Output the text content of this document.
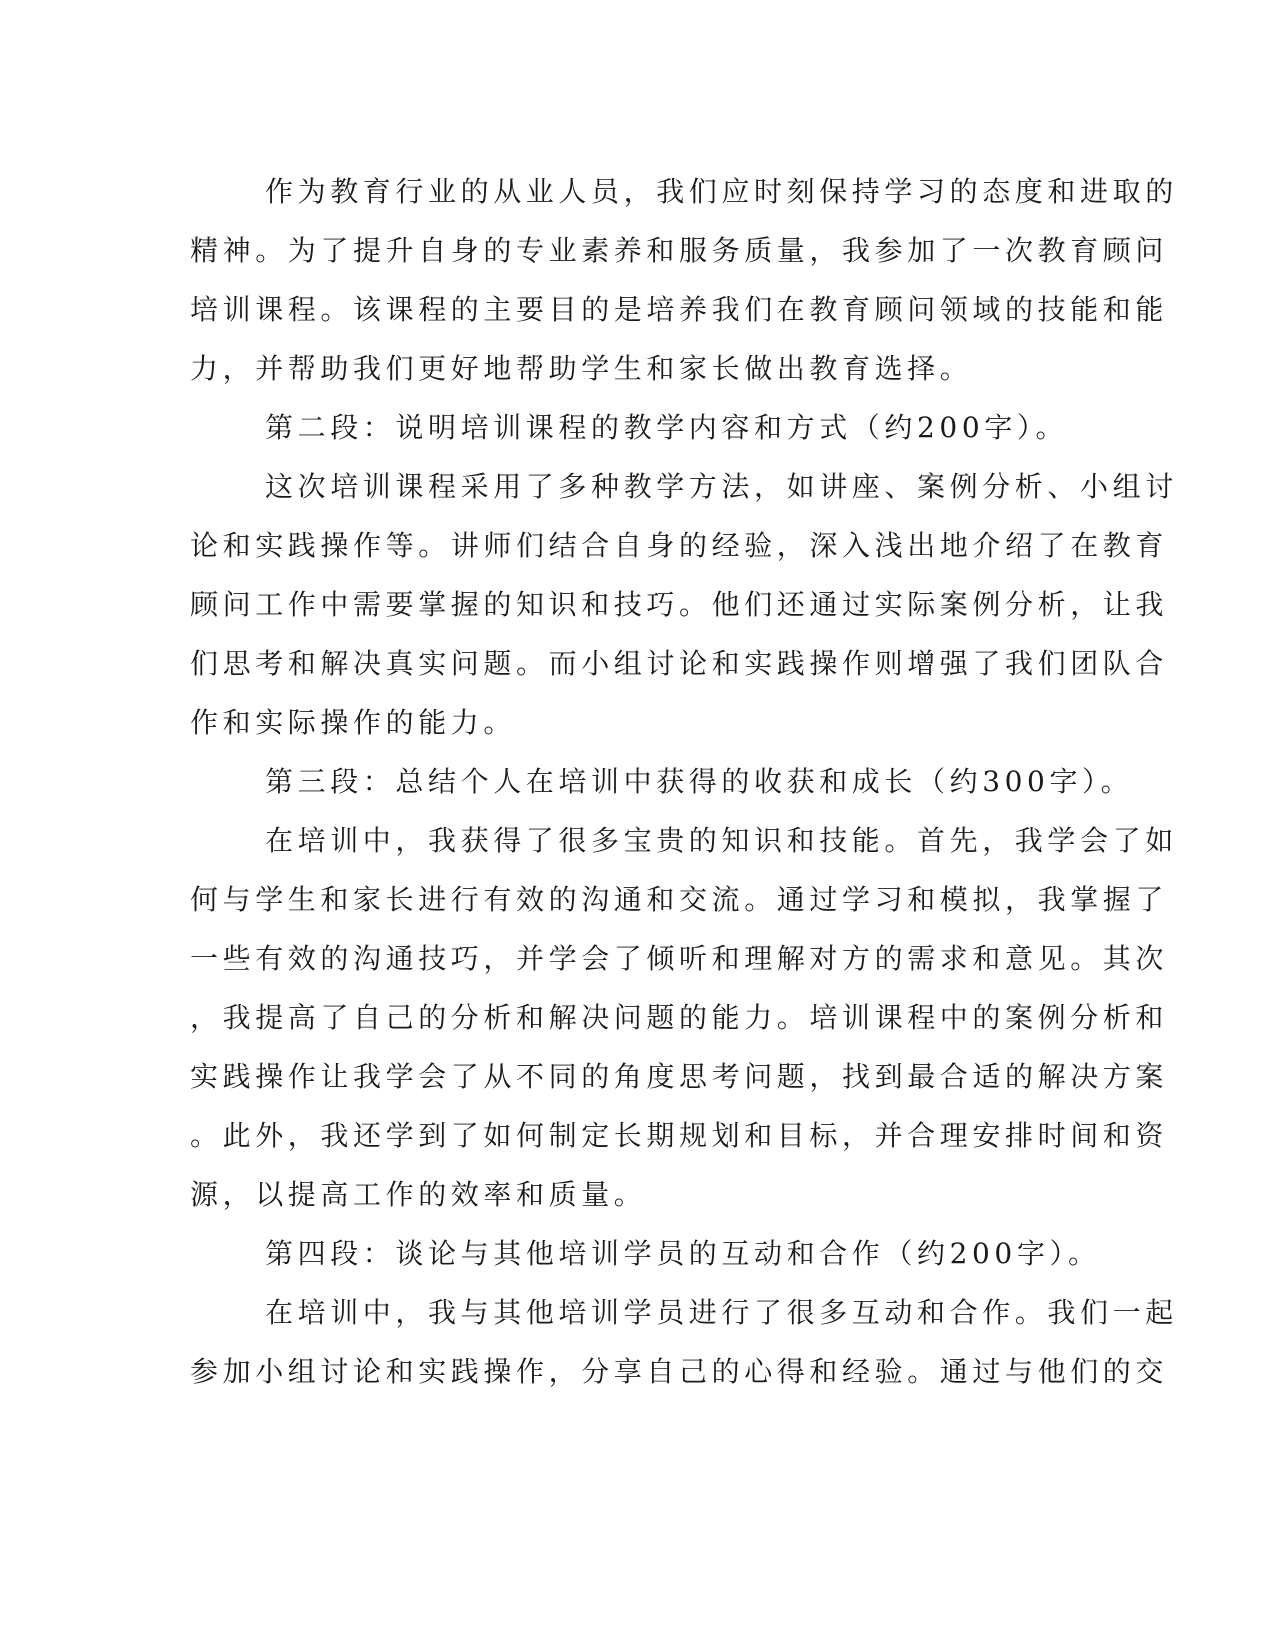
作为教育行业的从业人员，我们应时刻保持学习的态度和进取的
精神。为了提升自身的专业素养和服务质量，我参加了一次教育顾问
培训课程。该课程的主要目的是培养我们在教育顾问领域的技能和能
力，并帮助我们更好地帮助学生和家长做出教育选择。
第二段：说明培训课程的教学内容和方式（约200字）。
这次培训课程采用了多种教学方法，如讲座、案例分析、小组讨
论和实践操作等。讲师们结合自身的经验，深入浅出地介绍了在教育
顾问工作中需要掌握的知识和技巧。他们还通过实际案例分析，让我
们思考和解决真实问题。而小组讨论和实践操作则增强了我们团队合
作和实际操作的能力。
第三段：总结个人在培训中获得的收获和成长（约300字）。
在培训中，我获得了很多宝贵的知识和技能。首先，我学会了如
何与学生和家长进行有效的沟通和交流。通过学习和模拟，我掌握了
一些有效的沟通技巧，并学会了倾听和理解对方的需求和意见。其次
，我提高了自己的分析和解决问题的能力。培训课程中的案例分析和
实践操作让我学会了从不同的角度思考问题，找到最合适的解决方案
。此外，我还学到了如何制定长期规划和目标，并合理安排时间和资
源，以提高工作的效率和质量。
第四段：谈论与其他培训学员的互动和合作（约200字）。
在培训中，我与其他培训学员进行了很多互动和合作。我们一起
参加小组讨论和实践操作，分享自己的心得和经验。通过与他们的交
